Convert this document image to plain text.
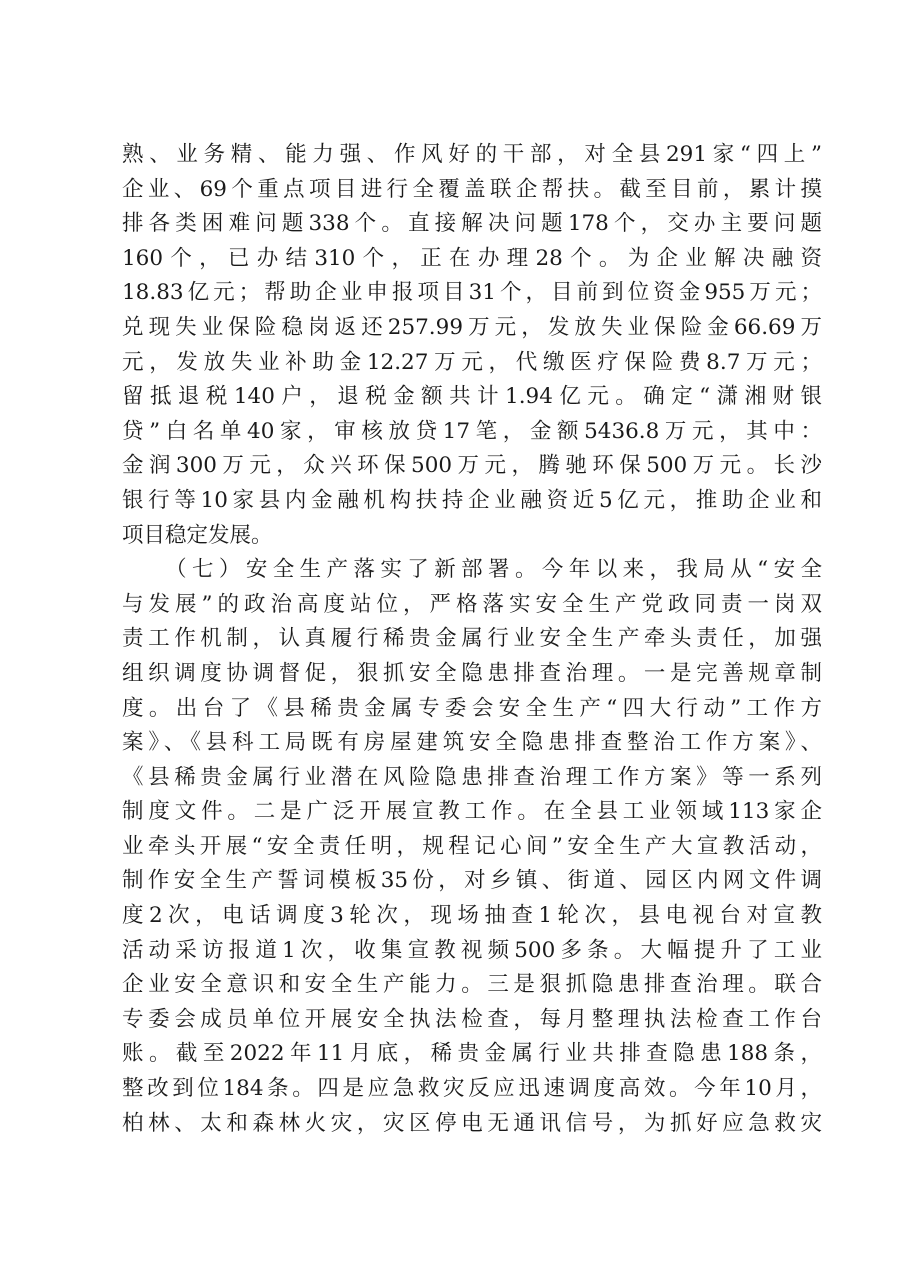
熟、业务精、能力强、作风好的干部，对全县291家“四上”
企业、69个重点项目进行全覆盖联企帮扶。截至目前，累计摸
排各类困难问题338个。直接解决问题178个，交办主要问题
160个，已办结310个，正在办理28个。为企业解决融资
18.83亿元；帮助企业申报项目31个，目前到位资金955万元；
兑现失业保险稳岗返还257.99万元，发放失业保险金66.69万
元，发放失业补助金12.27万元，代缴医疗保险费8.7万元；
留抵退税140户，退税金额共计1.94亿元。确定“潇湘财银
贷”白名单40家，审核放贷17笔，金额5436.8万元，其中：
金润300万元，众兴环保500万元，腾驰环保500万元。长沙
银行等10家县内金融机构扶持企业融资近5亿元，推助企业和
项目稳定发展。
　　（七）安全生产落实了新部署。今年以来，我局从“安全
与发展”的政治高度站位，严格落实安全生产党政同责一岗双
责工作机制，认真履行稀贵金属行业安全生产牵头责任，加强
组织调度协调督促，狠抓安全隐患排查治理。一是完善规章制
度。出台了《县稀贵金属专委会安全生产“四大行动”工作方
案》、《县科工局既有房屋建筑安全隐患排查整治工作方案》、
《县稀贵金属行业潜在风险隐患排查治理工作方案》等一系列
制度文件。二是广泛开展宣教工作。在全县工业领域113家企
业牵头开展“安全责任明，规程记心间”安全生产大宣教活动，
制作安全生产誓词模板35份，对乡镇、街道、园区内网文件调
度2次，电话调度3轮次，现场抽查1轮次，县电视台对宣教
活动采访报道1次，收集宣教视频500多条。大幅提升了工业
企业安全意识和安全生产能力。三是狠抓隐患排查治理。联合
专委会成员单位开展安全执法检查，每月整理执法检查工作台
账。截至2022年11月底，稀贵金属行业共排查隐患188条，
整改到位184条。四是应急救灾反应迅速调度高效。今年10月，
柏林、太和森林火灾，灾区停电无通讯信号，为抓好应急救灾
